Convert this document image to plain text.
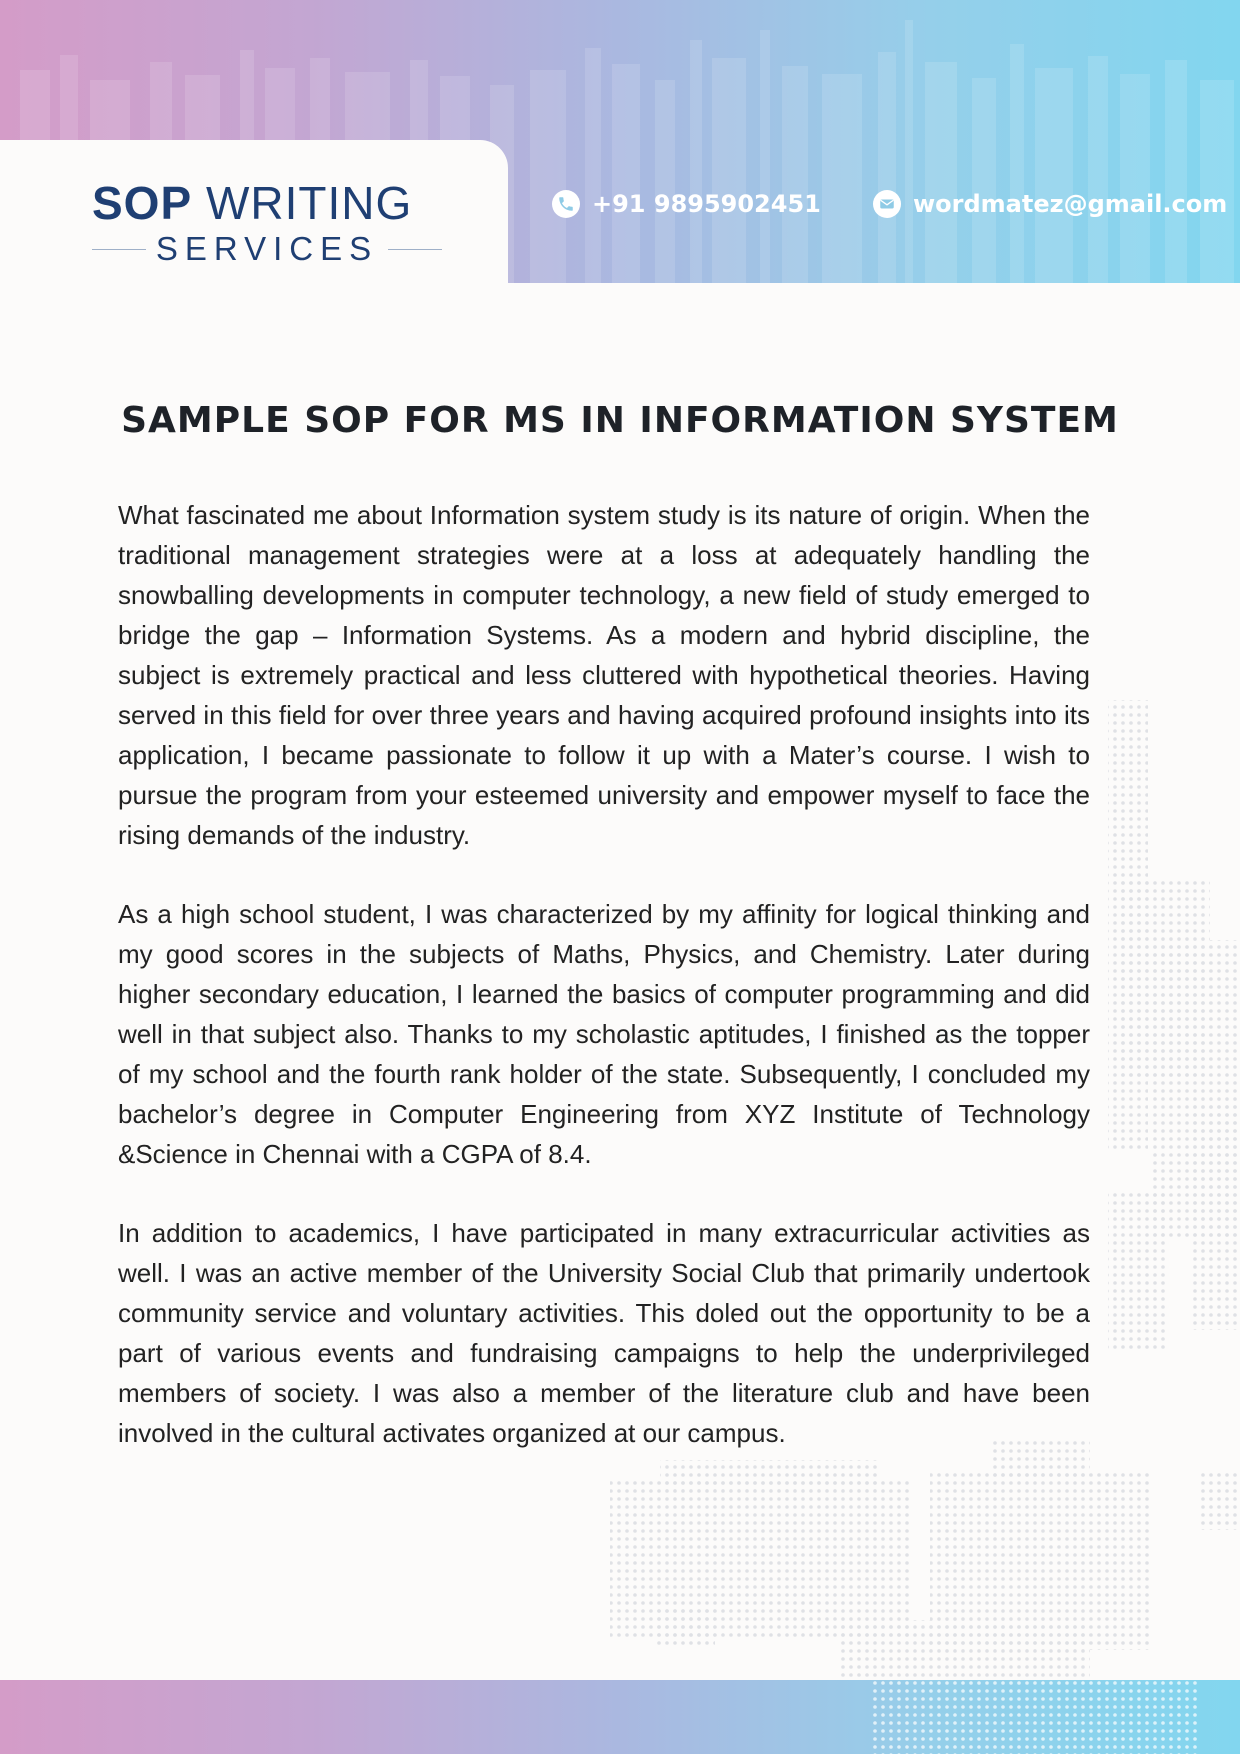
+91 9895902451	wordmatez@gmail.com
SOP WRITING
SERVICES
SAMPLE SOP FOR MS IN INFORMATION SYSTEM

What fascinated me about Information system study is its nature of origin. When the traditional management strategies were at a loss at adequately handling the snowballing developments in computer technology, a new field of study emerged to bridge the gap – Information Systems. As a modern and hybrid discipline, the subject is extremely practical and less cluttered with hypothetical theories. Having served in this field for over three years and having acquired profound insights into its application, I became passionate to follow it up with a Mater’s course. I wish to pursue the program from your esteemed university and empower myself to face the rising demands of the industry.

As a high school student, I was characterized by my affinity for logical thinking and my good scores in the subjects of Maths, Physics, and Chemistry. Later during higher secondary education, I learned the basics of computer programming and did well in that subject also. Thanks to my scholastic aptitudes, I finished as the topper of my school and the fourth rank holder of the state. Subsequently, I concluded my bachelor’s degree in Computer Engineering from XYZ Institute of Technology &Science in Chennai with a CGPA of 8.4.

In addition to academics, I have participated in many extracurricular activities as well. I was an active member of the University Social Club that primarily undertook community service and voluntary activities. This doled out the opportunity to be a part of various events and fundraising campaigns to help the underprivileged members of society. I was also a member of the literature club and have been involved in the cultural activates organized at our campus.
